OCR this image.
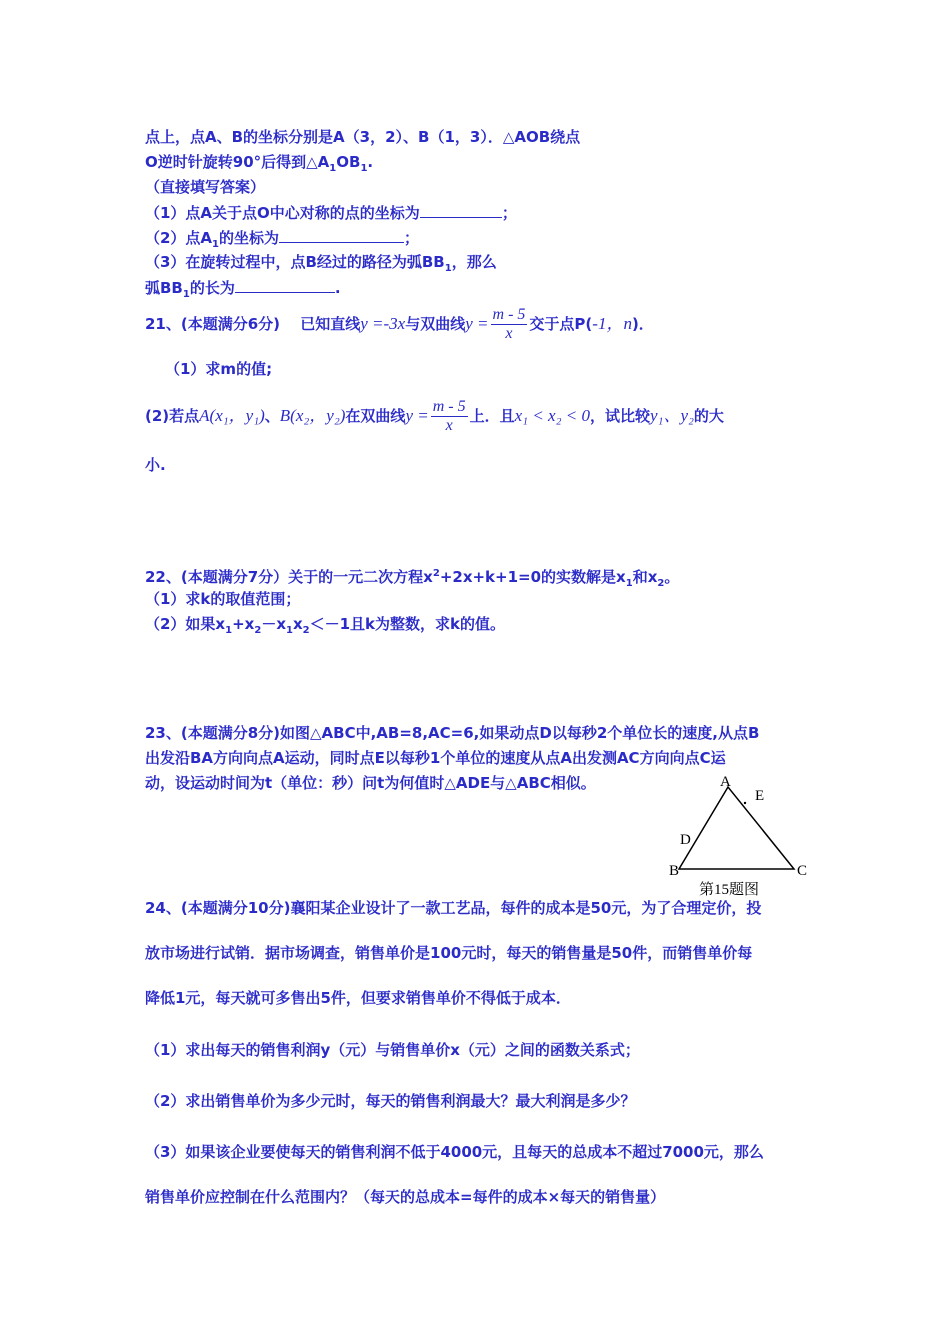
点上，点A、B的坐标分别是A（3，2）、B（1，3）．△AOB绕点
O逆时针旋转90°后得到$\triangle A_1OB_1$.
（直接填写答案）
（1）点A关于点O中心对称的点的坐标为	；
（2）点$A_1$的坐标为	；
（3）在旋转过程中，点B经过的路径为弧$BB_1$，那么
弧$BB_1$的长为	.
21、(本题满分6分)　 已知直线y =-3x与双曲线$y = \frac{m - 5}{x}$ 交于点P(-1，n)．
（1）求m的值;
(2)若点A(x₁，y₁)、B(x₂，y₂)在双曲线$y = \frac{m - 5}{x}$ 上．且x₁ < x₂ < 0，试比较y₁、y₂的大
小.
22、(本题满分7分）关于的一元二次方程$x^2+2x+k+1=0$的实数解是$x_1$和$x_2$。
（1）求k的取值范围；
（2）如果$x_1+x_2-x_1x_2<-1$且k为整数，求k的值。
23、(本题满分8分)如图△ABC中,AB=8,AC=6,如果动点D以每秒2个单位长的速度,从点B
出发沿BA方向向点A运动，同时点E以每秒1个单位的速度从点A出发测AC方向向点C运
动，设运动时间为t（单位：秒）问t为何值时△ADE与△ABC相似。	A
E
D
B	C
第15题图
24、(本题满分10分)襄阳某企业设计了一款工艺品，每件的成本是50元，为了合理定价，投
放市场进行试销．据市场调查，销售单价是100元时，每天的销售量是50件，而销售单价每
降低1元，每天就可多售出5件，但要求销售单价不得低于成本．
（1）求出每天的销售利润y（元）与销售单价x（元）之间的函数关系式；
（2）求出销售单价为多少元时，每天的销售利润最大？最大利润是多少？
（3）如果该企业要使每天的销售利润不低于4000元，且每天的总成本不超过7000元，那么
销售单价应控制在什么范围内？（每天的总成本=每件的成本×每天的销售量）
